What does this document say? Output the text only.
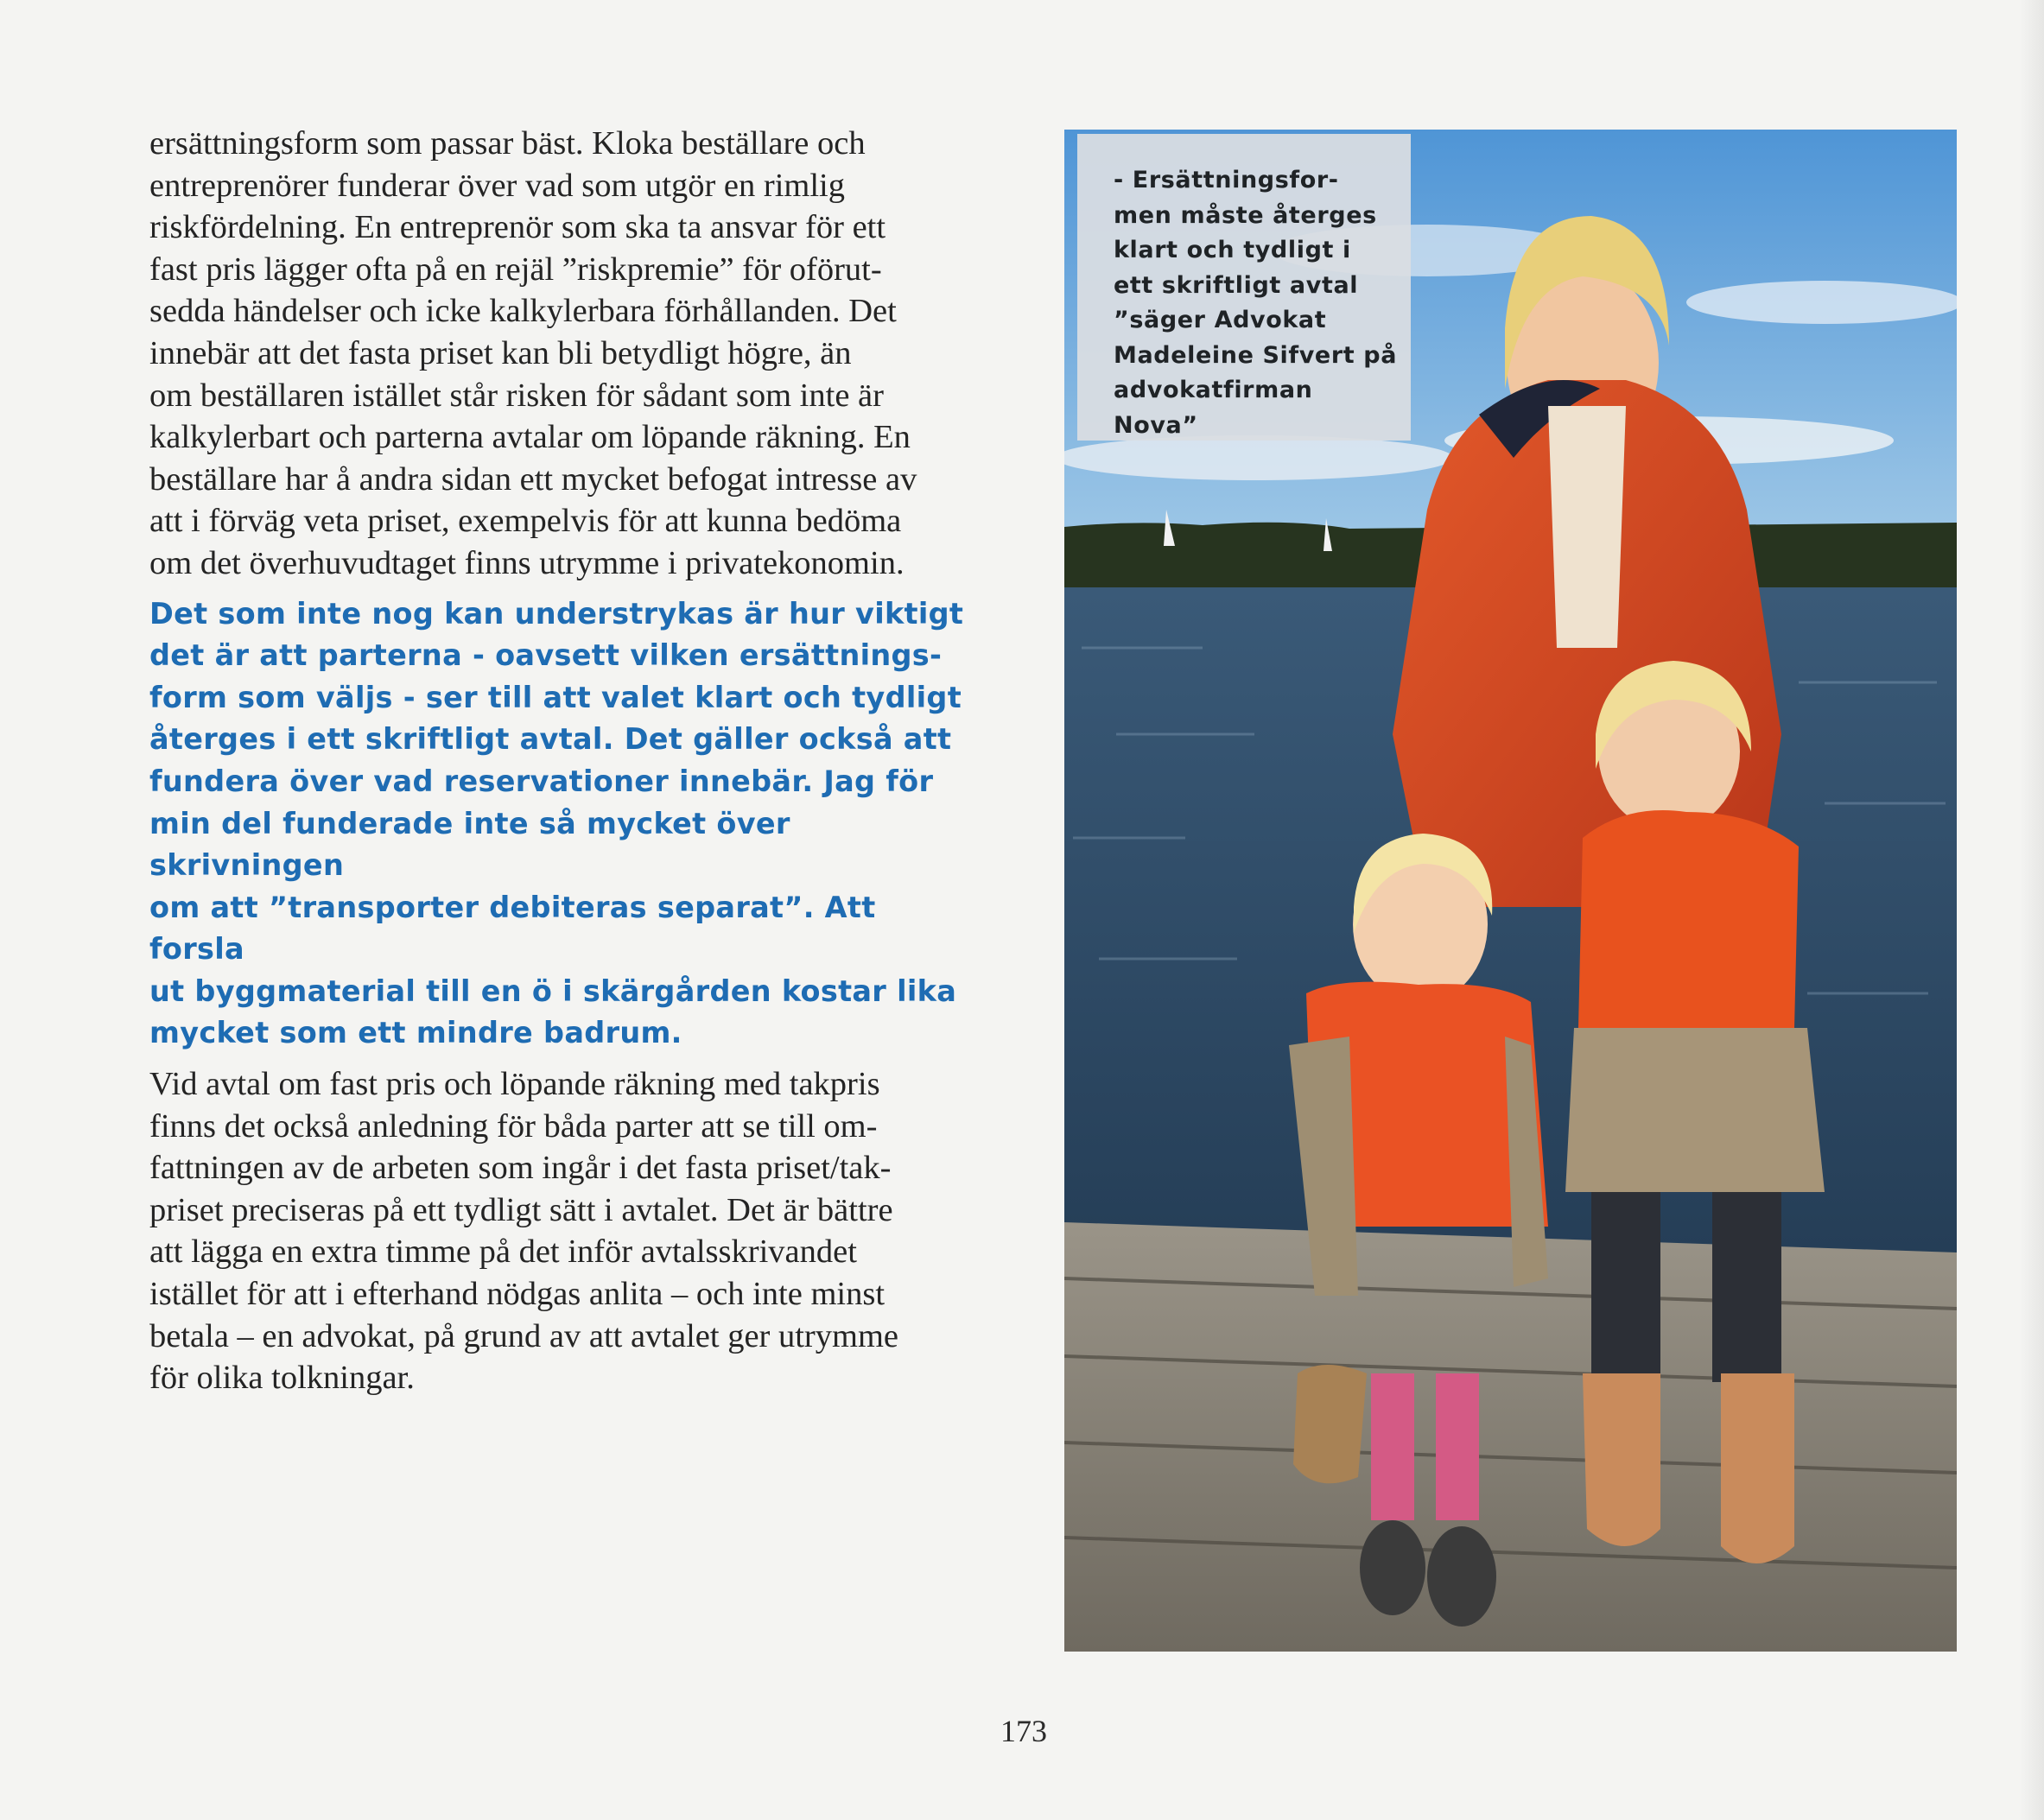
ersättningsform som passar bäst. Kloka beställare och
entreprenörer funderar över vad som utgör en rimlig
riskfördelning. En entreprenör som ska ta ansvar för ett
fast pris lägger ofta på en rejäl ”riskpremie” för oförut-
sedda händelser och icke kalkylerbara förhållanden. Det
innebär att det fasta priset kan bli betydligt högre, än
om beställaren istället står risken för sådant som inte är
kalkylerbart och parterna avtalar om löpande räkning. En
beställare har å andra sidan ett mycket befogat intresse av
att i förväg veta priset, exempelvis för att kunna bedöma
om det överhuvudtaget finns utrymme i privatekonomin.

Det som inte nog kan understrykas är hur viktigt
det är att parterna - oavsett vilken ersättnings-
form som väljs - ser till att valet klart och tydligt
återges i ett skriftligt avtal. Det gäller också att
fundera över vad reservationer innebär. Jag för
min del funderade inte så mycket över skrivningen
om att ”transporter debiteras separat”. Att forsla
ut byggmaterial till en ö i skärgården kostar lika
mycket som ett mindre badrum.

Vid avtal om fast pris och löpande räkning med takpris
finns det också anledning för båda parter att se till om-
fattningen av de arbeten som ingår i det fasta priset/tak-
priset preciseras på ett tydligt sätt i avtalet. Det är bättre
att lägga en extra timme på det inför avtalsskrivandet
istället för att i efterhand nödgas anlita – och inte minst
betala – en advokat, på grund av att avtalet ger utrymme
för olika tolkningar.

- Ersättningsfor-
men måste återges
klart och tydligt i
ett skriftligt avtal
”säger Advokat
Madeleine Sifvert på
advokatfirman Nova”
173
